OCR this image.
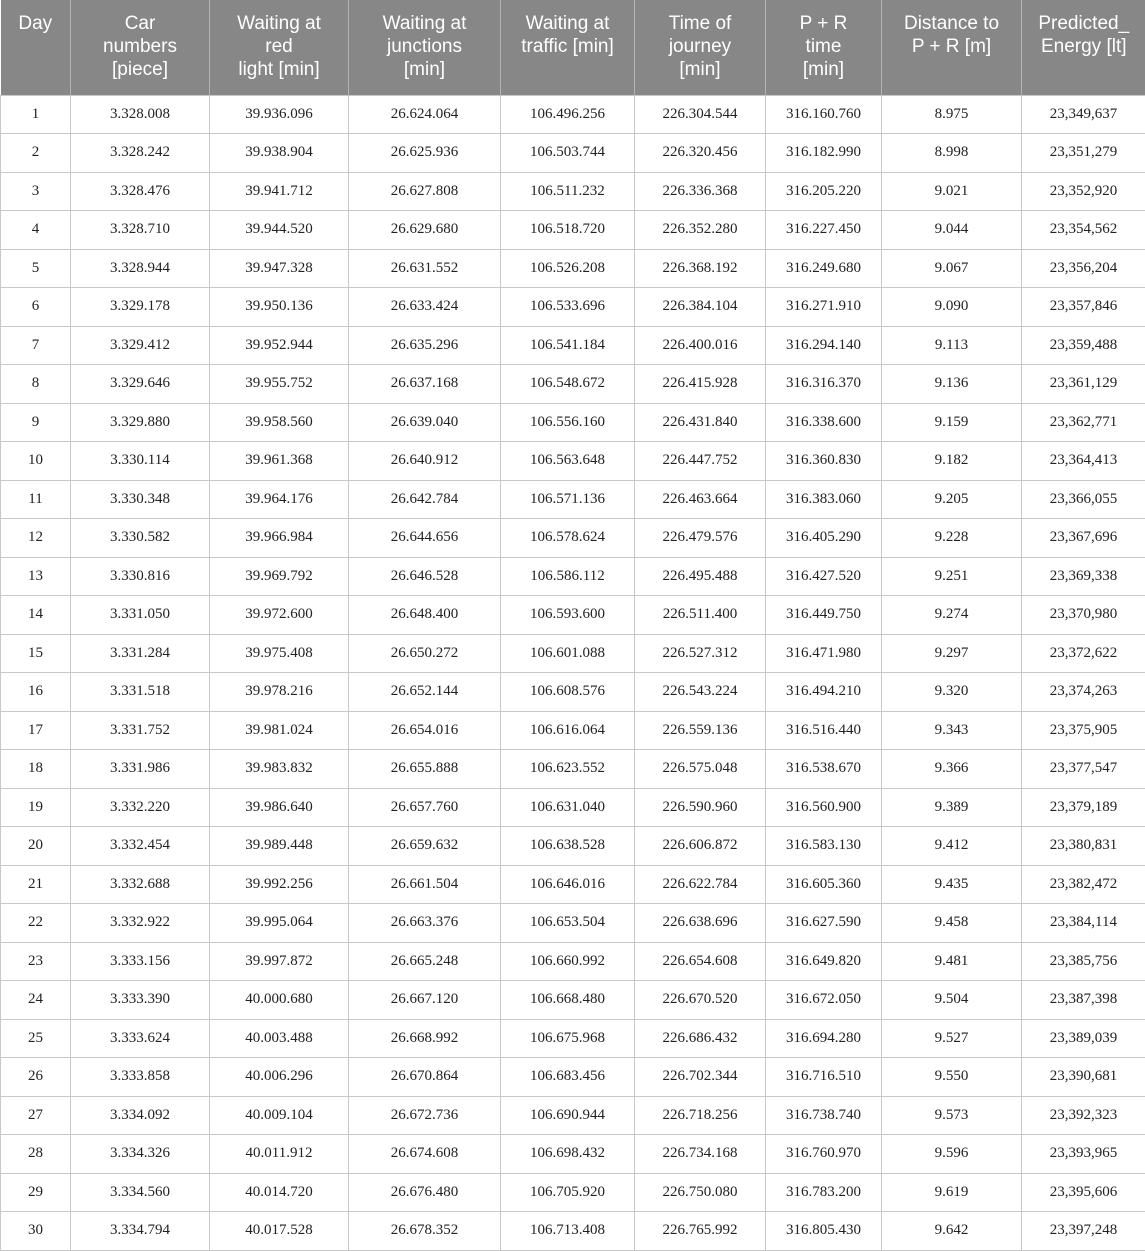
Day	Car
numbers
[piece]	Waiting at
red
light [min]	Waiting at
junctions
[min]	Waiting at
traffic [min]	Time of
journey
[min]	P + R
time
[min]	Distance to
P + R [m]	Predicted_
Energy [lt]
1	3.328.008	39.936.096	26.624.064	106.496.256	226.304.544	316.160.760	8.975	23,349,637
2	3.328.242	39.938.904	26.625.936	106.503.744	226.320.456	316.182.990	8.998	23,351,279
3	3.328.476	39.941.712	26.627.808	106.511.232	226.336.368	316.205.220	9.021	23,352,920
4	3.328.710	39.944.520	26.629.680	106.518.720	226.352.280	316.227.450	9.044	23,354,562
5	3.328.944	39.947.328	26.631.552	106.526.208	226.368.192	316.249.680	9.067	23,356,204
6	3.329.178	39.950.136	26.633.424	106.533.696	226.384.104	316.271.910	9.090	23,357,846
7	3.329.412	39.952.944	26.635.296	106.541.184	226.400.016	316.294.140	9.113	23,359,488
8	3.329.646	39.955.752	26.637.168	106.548.672	226.415.928	316.316.370	9.136	23,361,129
9	3.329.880	39.958.560	26.639.040	106.556.160	226.431.840	316.338.600	9.159	23,362,771
10	3.330.114	39.961.368	26.640.912	106.563.648	226.447.752	316.360.830	9.182	23,364,413
11	3.330.348	39.964.176	26.642.784	106.571.136	226.463.664	316.383.060	9.205	23,366,055
12	3.330.582	39.966.984	26.644.656	106.578.624	226.479.576	316.405.290	9.228	23,367,696
13	3.330.816	39.969.792	26.646.528	106.586.112	226.495.488	316.427.520	9.251	23,369,338
14	3.331.050	39.972.600	26.648.400	106.593.600	226.511.400	316.449.750	9.274	23,370,980
15	3.331.284	39.975.408	26.650.272	106.601.088	226.527.312	316.471.980	9.297	23,372,622
16	3.331.518	39.978.216	26.652.144	106.608.576	226.543.224	316.494.210	9.320	23,374,263
17	3.331.752	39.981.024	26.654.016	106.616.064	226.559.136	316.516.440	9.343	23,375,905
18	3.331.986	39.983.832	26.655.888	106.623.552	226.575.048	316.538.670	9.366	23,377,547
19	3.332.220	39.986.640	26.657.760	106.631.040	226.590.960	316.560.900	9.389	23,379,189
20	3.332.454	39.989.448	26.659.632	106.638.528	226.606.872	316.583.130	9.412	23,380,831
21	3.332.688	39.992.256	26.661.504	106.646.016	226.622.784	316.605.360	9.435	23,382,472
22	3.332.922	39.995.064	26.663.376	106.653.504	226.638.696	316.627.590	9.458	23,384,114
23	3.333.156	39.997.872	26.665.248	106.660.992	226.654.608	316.649.820	9.481	23,385,756
24	3.333.390	40.000.680	26.667.120	106.668.480	226.670.520	316.672.050	9.504	23,387,398
25	3.333.624	40.003.488	26.668.992	106.675.968	226.686.432	316.694.280	9.527	23,389,039
26	3.333.858	40.006.296	26.670.864	106.683.456	226.702.344	316.716.510	9.550	23,390,681
27	3.334.092	40.009.104	26.672.736	106.690.944	226.718.256	316.738.740	9.573	23,392,323
28	3.334.326	40.011.912	26.674.608	106.698.432	226.734.168	316.760.970	9.596	23,393,965
29	3.334.560	40.014.720	26.676.480	106.705.920	226.750.080	316.783.200	9.619	23,395,606
30	3.334.794	40.017.528	26.678.352	106.713.408	226.765.992	316.805.430	9.642	23,397,248
